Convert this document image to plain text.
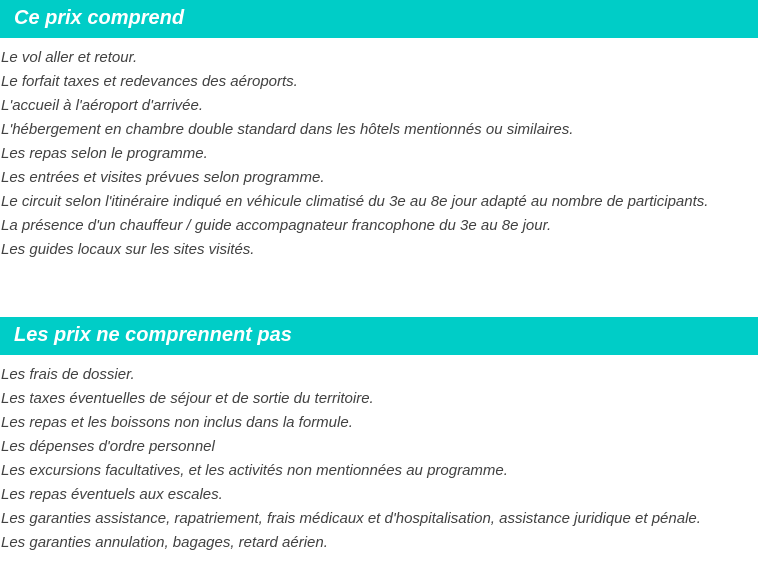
Ce prix comprend
Le vol aller et retour.
Le forfait taxes et redevances des aéroports.
L'accueil à l'aéroport d'arrivée.
L'hébergement en chambre double standard dans les hôtels mentionnés ou similaires.
Les repas selon le programme.
Les entrées et visites prévues selon programme.
Le circuit selon l'itinéraire indiqué en véhicule climatisé du 3e au 8e jour adapté au nombre de participants.
La présence d'un chauffeur / guide accompagnateur francophone du 3e au 8e jour.
Les guides locaux sur les sites visités.
Les prix ne comprennent pas
Les frais de dossier.
Les taxes éventuelles de séjour et de sortie du territoire.
Les repas et les boissons non inclus dans la formule.
Les dépenses d'ordre personnel
Les excursions facultatives, et les activités non mentionnées au programme.
Les repas éventuels aux escales.
Les garanties assistance, rapatriement, frais médicaux et d'hospitalisation, assistance juridique et pénale.
Les garanties annulation, bagages, retard aérien.
